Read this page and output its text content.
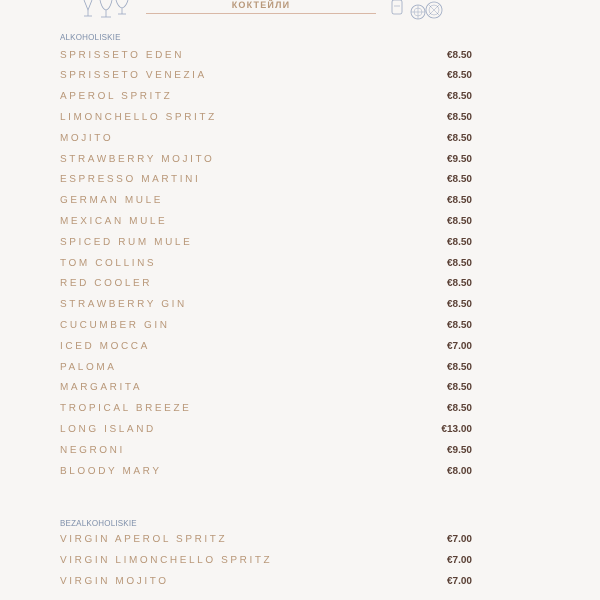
КОКТЕЙЛИ
ALKOHOLISKIE
SPRISSETO EDEN	€8.50
SPRISSETO VENEZIA	€8.50
APEROL SPRITZ	€8.50
LIMONCHELLO SPRITZ	€8.50
MOJITO	€8.50
STRAWBERRY MOJITO	€9.50
ESPRESSO MARTINI	€8.50
GERMAN MULE	€8.50
MEXICAN MULE	€8.50
SPICED RUM MULE	€8.50
TOM COLLINS	€8.50
RED COOLER	€8.50
STRAWBERRY GIN	€8.50
CUCUMBER GIN	€8.50
ICED MOCCA	€7.00
PALOMA	€8.50
MARGARITA	€8.50
TROPICAL BREEZE	€8.50
LONG ISLAND	€13.00
NEGRONI	€9.50
BLOODY MARY	€8.00
BEZALKOHOLISKIE
VIRGIN APEROL SPRITZ	€7.00
VIRGIN LIMONCHELLO SPRITZ	€7.00
VIRGIN MOJITO	€7.00
